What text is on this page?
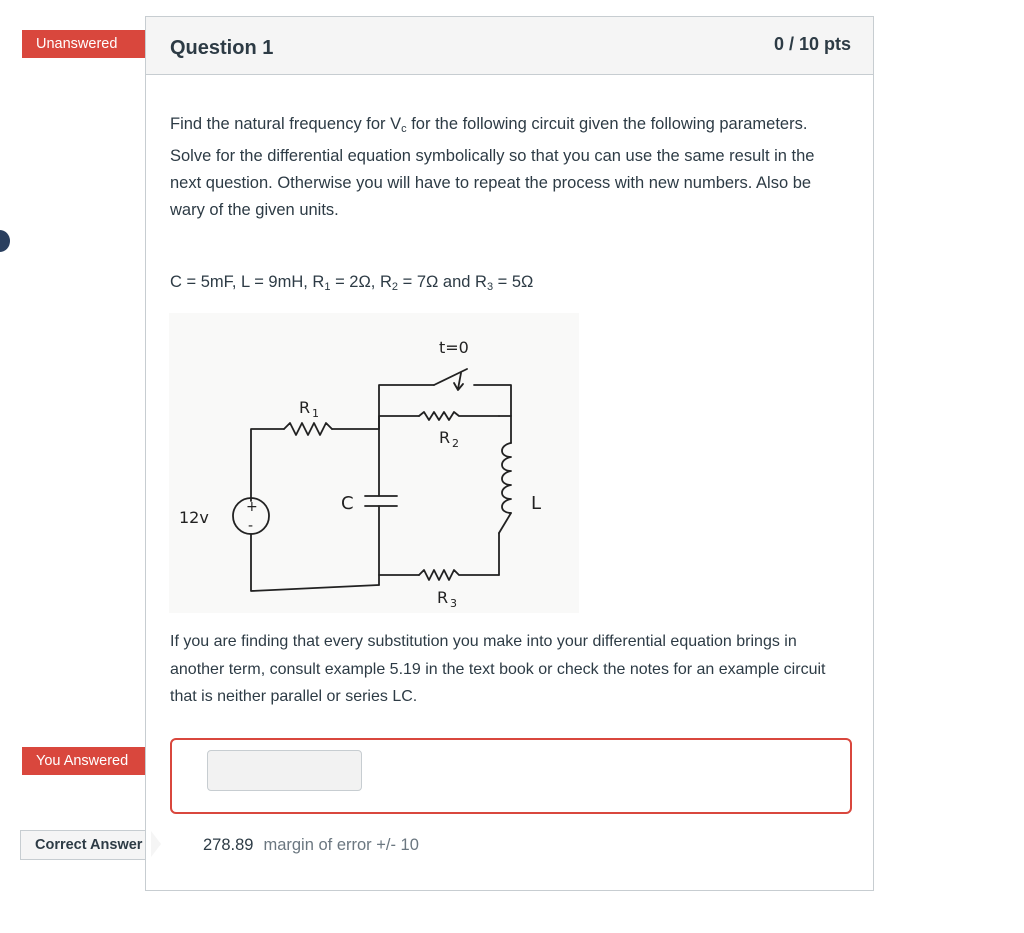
Unanswered
You Answered
Correct Answer
Question 1	0 / 10 pts
Find the natural frequency for $V_c$ for the following circuit given the following parameters. Solve for the differential equation symbolically so that you can use the same result in the next question. Otherwise you will have to repeat the process with new numbers. Also be wary of the given units.
C = 5mF, L = 9mH, $R_1 = 2\Omega$, $R_2 = 7\Omega$ and $R_3 = 5\Omega$
t=0
R 1
R 2
R 3
C	L
12v
+
-
If you are finding that every substitution you make into your differential equation brings in another term, consult example 5.19 in the text book or check the notes for an example circuit that is neither parallel or series LC.
278.89 margin of error +/- 10
